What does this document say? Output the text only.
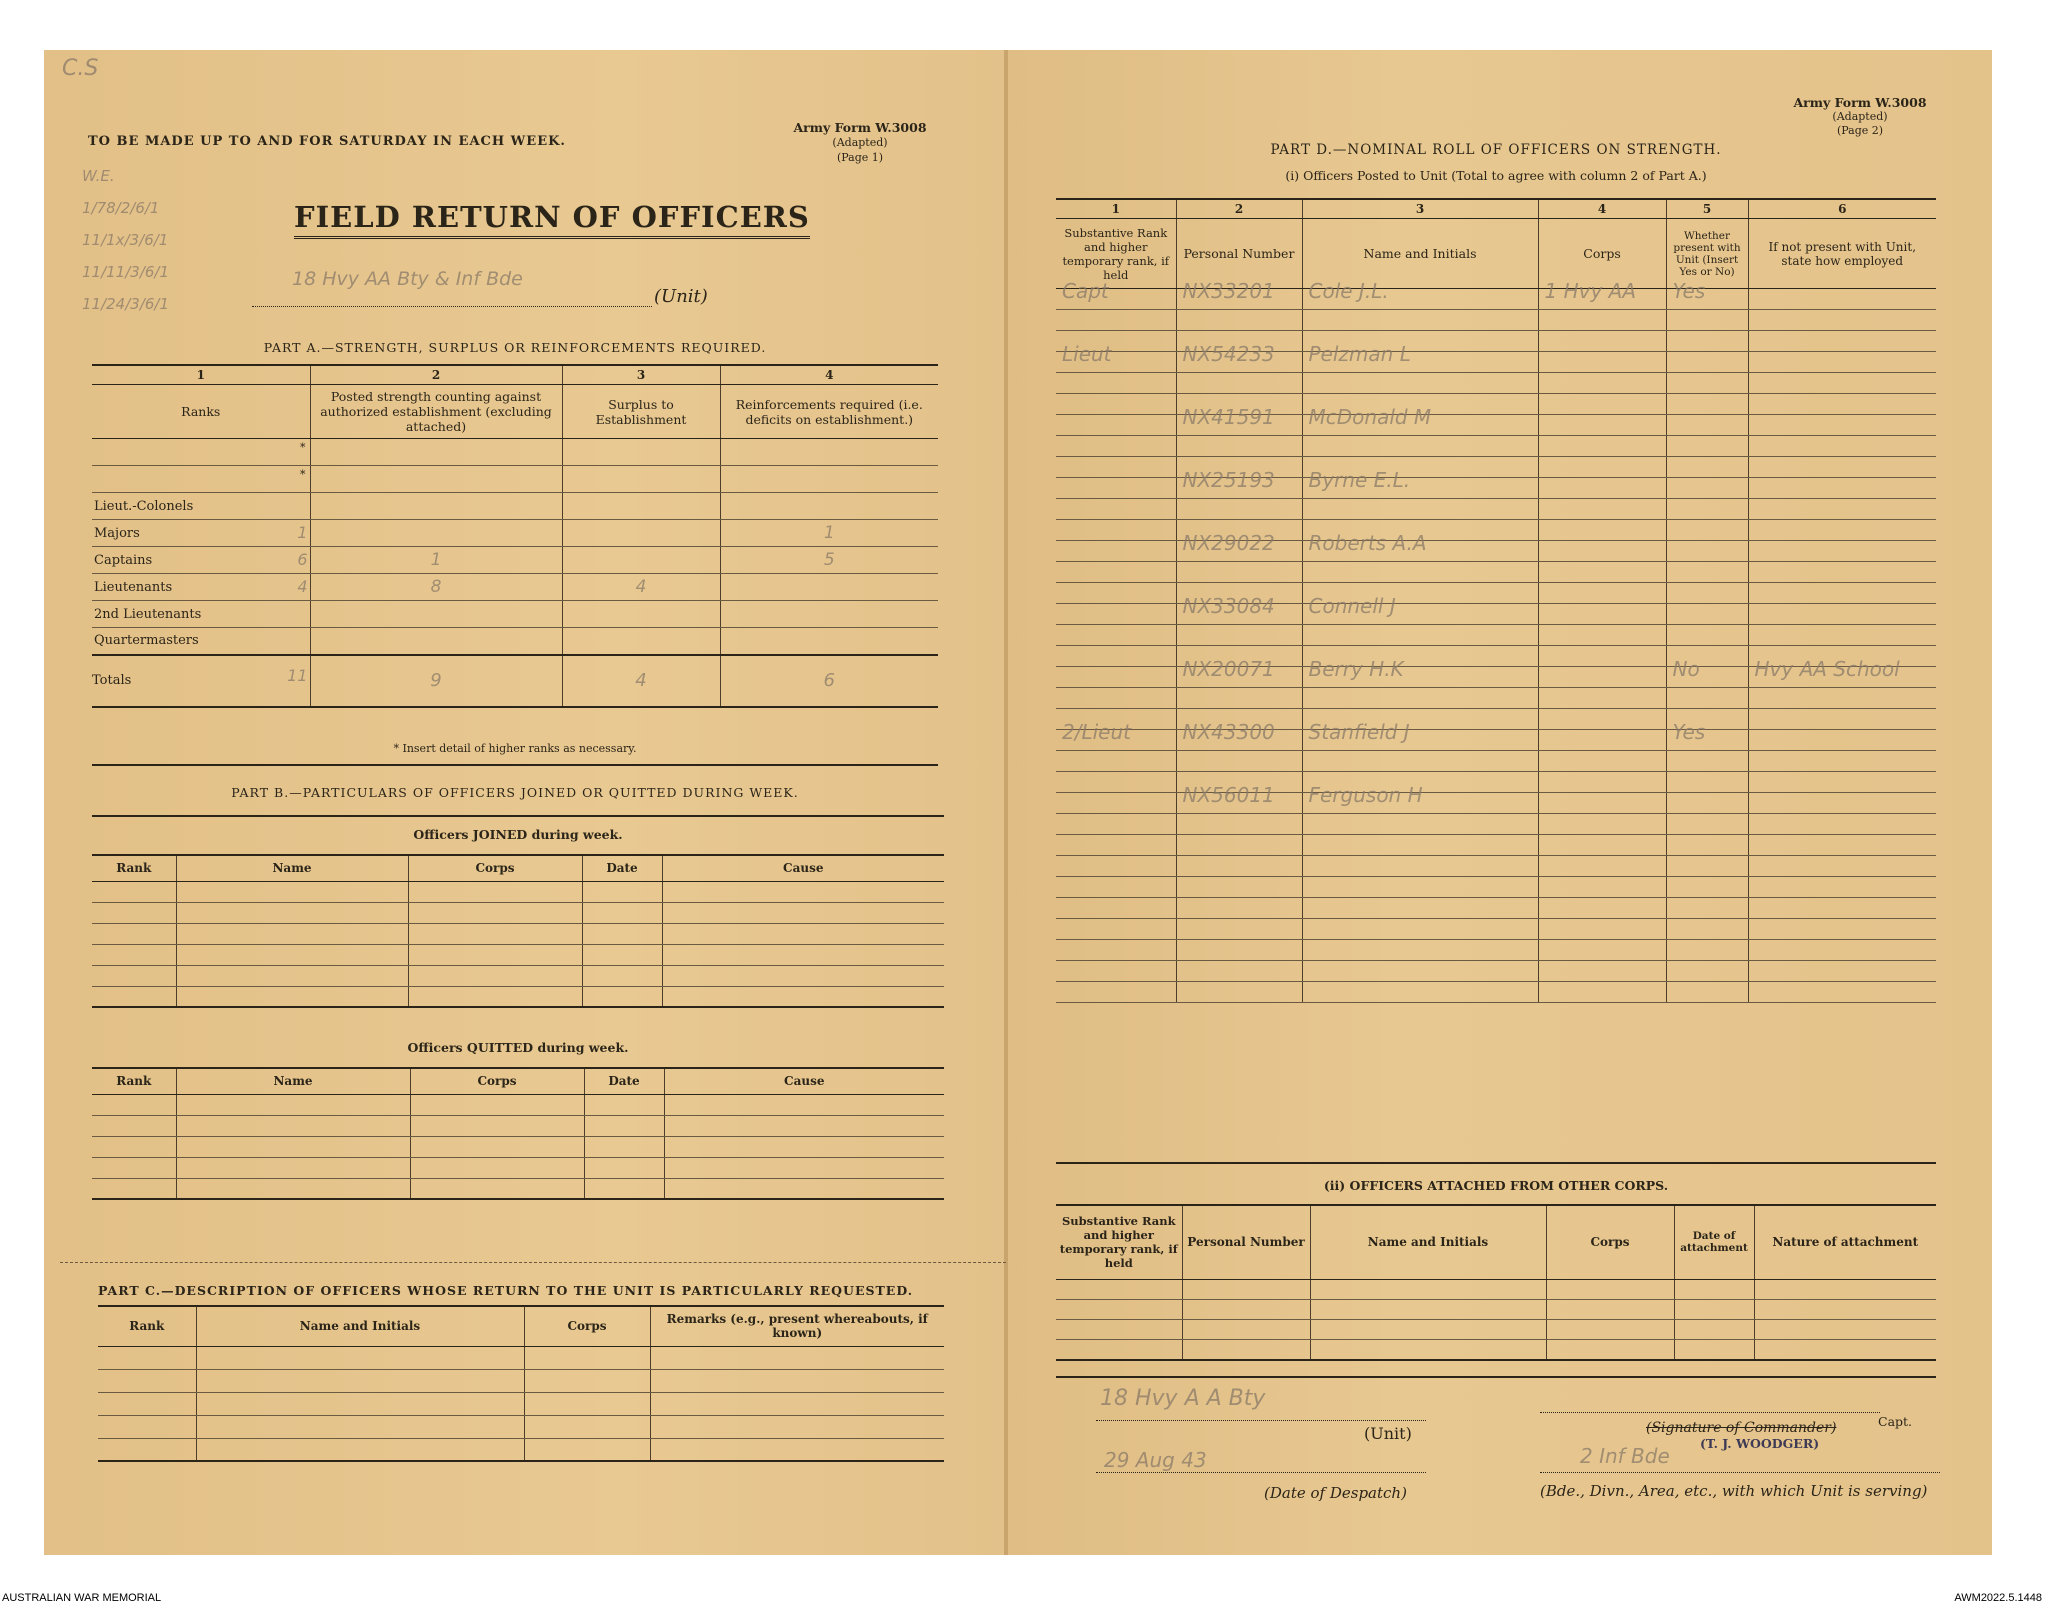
C.S
TO BE MADE UP TO AND FOR SATURDAY IN EACH WEEK.
Army Form W.3008
(Adapted)
(Page 1)
W.E.
1/78/2/6/1
11/1x/3/6/1
11/11/3/6/1
11/24/3/6/1
FIELD RETURN OF OFFICERS
18 Hvy AA Bty & Inf Bde
(Unit)
PART A.—STRENGTH, SURPLUS OR REINFORCEMENTS REQUIRED.
1	2	3	4
Ranks	Posted strength counting against authorized establishment (excluding attached)	Surplus to Establishment	Reinforcements required (i.e. deficits on establishment.)

*			

*			

Lieut.-Colonels

Majors 1			1
Captains 6	1		5
Lieutenants 4	8	4	
2nd Lieutenants

Quartermasters

Totals 11	9	4	6
* Insert detail of higher ranks as necessary.
PART B.—PARTICULARS OF OFFICERS JOINED OR QUITTED DURING WEEK.
Officers JOINED during week.
Rank	Name	Corps	Date	Cause

Officers QUITTED during week.
Rank	Name	Corps	Date	Cause

PART C.—DESCRIPTION OF OFFICERS WHOSE RETURN TO THE UNIT IS PARTICULARLY REQUESTED.
Rank	Name and Initials	Corps	Remarks (e.g., present whereabouts, if known)

Army Form W.3008
(Adapted)
(Page 2)
PART D.—NOMINAL ROLL OF OFFICERS ON STRENGTH.
(i) Officers Posted to Unit (Total to agree with column 2 of Part A.)
1	2	3	4	5	6
Substantive Rank and higher temporary rank, if held	Personal Number	Name and Initials	Corps	Whether present with Unit (Insert Yes or No)	If not present with Unit, state how employed

Capt	NX33201	Cole J.L.	1 Hvy AA	Yes	

Lieut	NX54233	Pelzman L			

	NX41591	McDonald M			

	NX25193	Byrne E.L.			

	NX29022	Roberts A.A			

	NX33084	Connell J			

	NX20071	Berry H.K		No	Hvy AA School

2/Lieut	NX43300	Stanfield J		Yes	

	NX56011	Ferguson H			

(ii) OFFICERS ATTACHED FROM OTHER CORPS.
Substantive Rank and higher temporary rank, if held	Personal Number	Name and Initials	Corps	Date of attachment	Nature of attachment

18 Hvy A A Bty
(Unit)
29 Aug 43
(Date of Despatch)
(Signature of Commander)	Capt.
(T. J. WOODGER)
2 Inf Bde
(Bde., Divn., Area, etc., with which Unit is serving)
AUSTRALIAN WAR MEMORIAL	AWM2022.5.1448
